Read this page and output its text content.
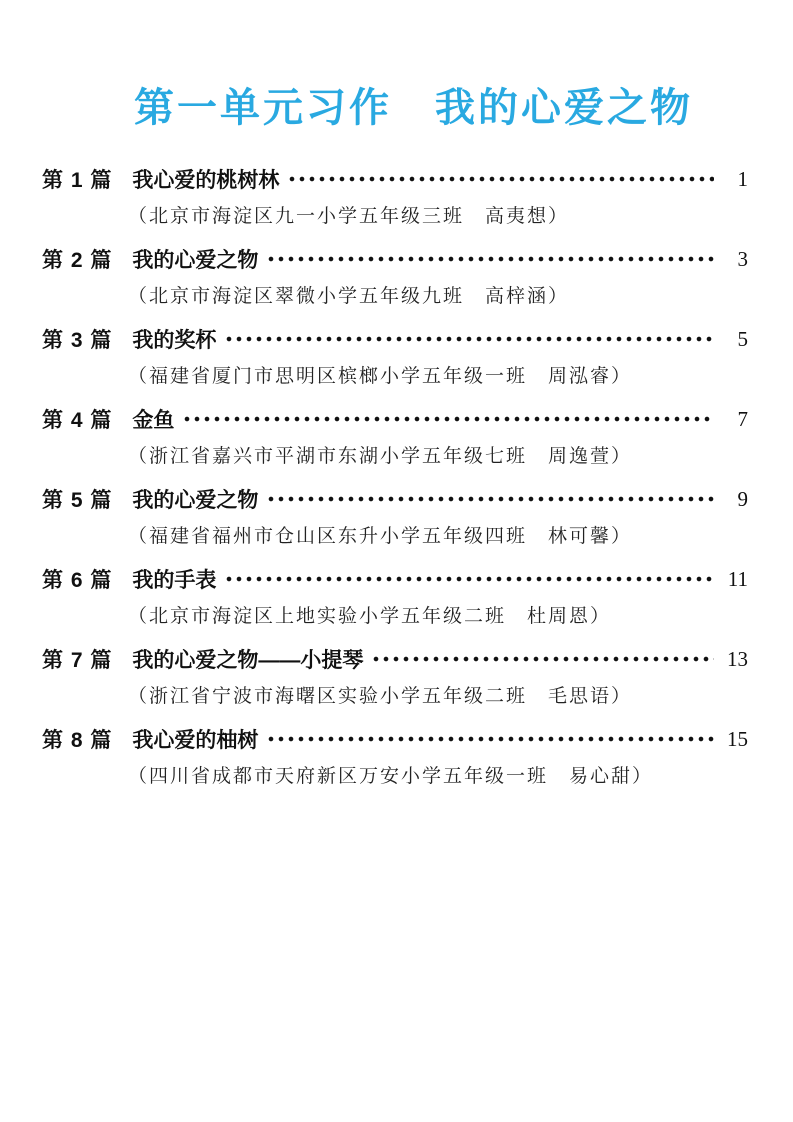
第一单元习作　我的心爱之物
第 1 篇 我心爱的桃树林	1
（北京市海淀区九一小学五年级三班　高夷想）
第 2 篇 我的心爱之物	3
（北京市海淀区翠微小学五年级九班　高梓涵）
第 3 篇 我的奖杯	5
（福建省厦门市思明区槟榔小学五年级一班　周泓睿）
第 4 篇 金鱼	7
（浙江省嘉兴市平湖市东湖小学五年级七班　周逸萱）
第 5 篇 我的心爱之物	9
（福建省福州市仓山区东升小学五年级四班　林可馨）
第 6 篇 我的手表	11
（北京市海淀区上地实验小学五年级二班　杜周恩）
第 7 篇 我的心爱之物——小提琴	13
（浙江省宁波市海曙区实验小学五年级二班　毛思语）
第 8 篇 我心爱的柚树	15
（四川省成都市天府新区万安小学五年级一班　易心甜）
